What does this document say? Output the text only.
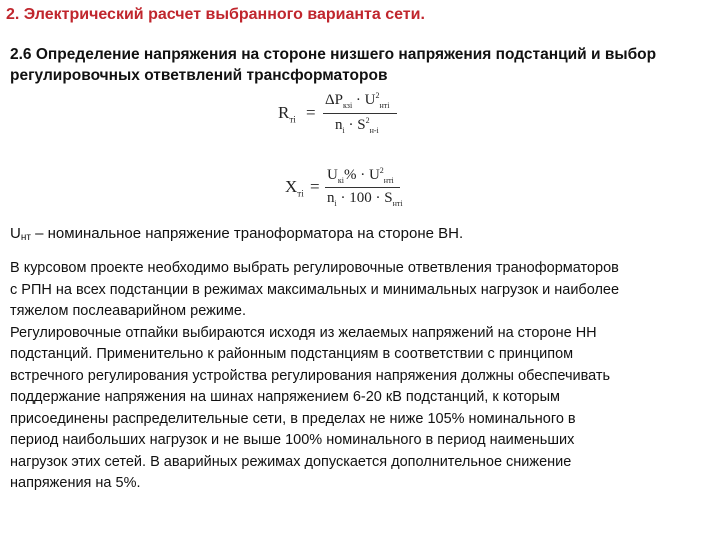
2. Электрический расчет выбранного варианта сети.
2.6 Определение напряжения на стороне низшего напряжения подстанций и выбор регулировочных ответвлений трансформаторов
$R_{тi}$ =
$\Delta P_{кзi} \cdot U^2_{нтi}$
$n_i \cdot S^2_{н-i}$
$X_{тi}$ =
$U_{кi}\% \cdot U^2_{нтi}$
$n_i \cdot 100 \cdot S_{нтi}$
$U_{нт}$ – номинальное напряжение траноформатора на стороне ВН.

В курсовом проекте необходимо выбрать регулировочные ответвления траноформаторов

с РПН на всех подстанции в режимах максимальных и минимальных нагрузок и наиболее

тяжелом послеаварийном режиме.

Регулировочные отпайки выбираются исходя из желаемых напряжений на стороне НН

подстанций. Применительно к районным подстанциям в соответствии с принципом

встречного регулирования устройства регулирования напряжения должны обеспечивать

поддержание напряжения на шинах напряжением 6-20 кВ подстанций, к которым

присоединены распределительные сети, в пределах не ниже 105% номинального в

период наибольших нагрузок и не выше 100% номинального в период наименьших

нагрузок этих сетей. В аварийных режимах допускается дополнительное снижение

напряжения на 5%.
